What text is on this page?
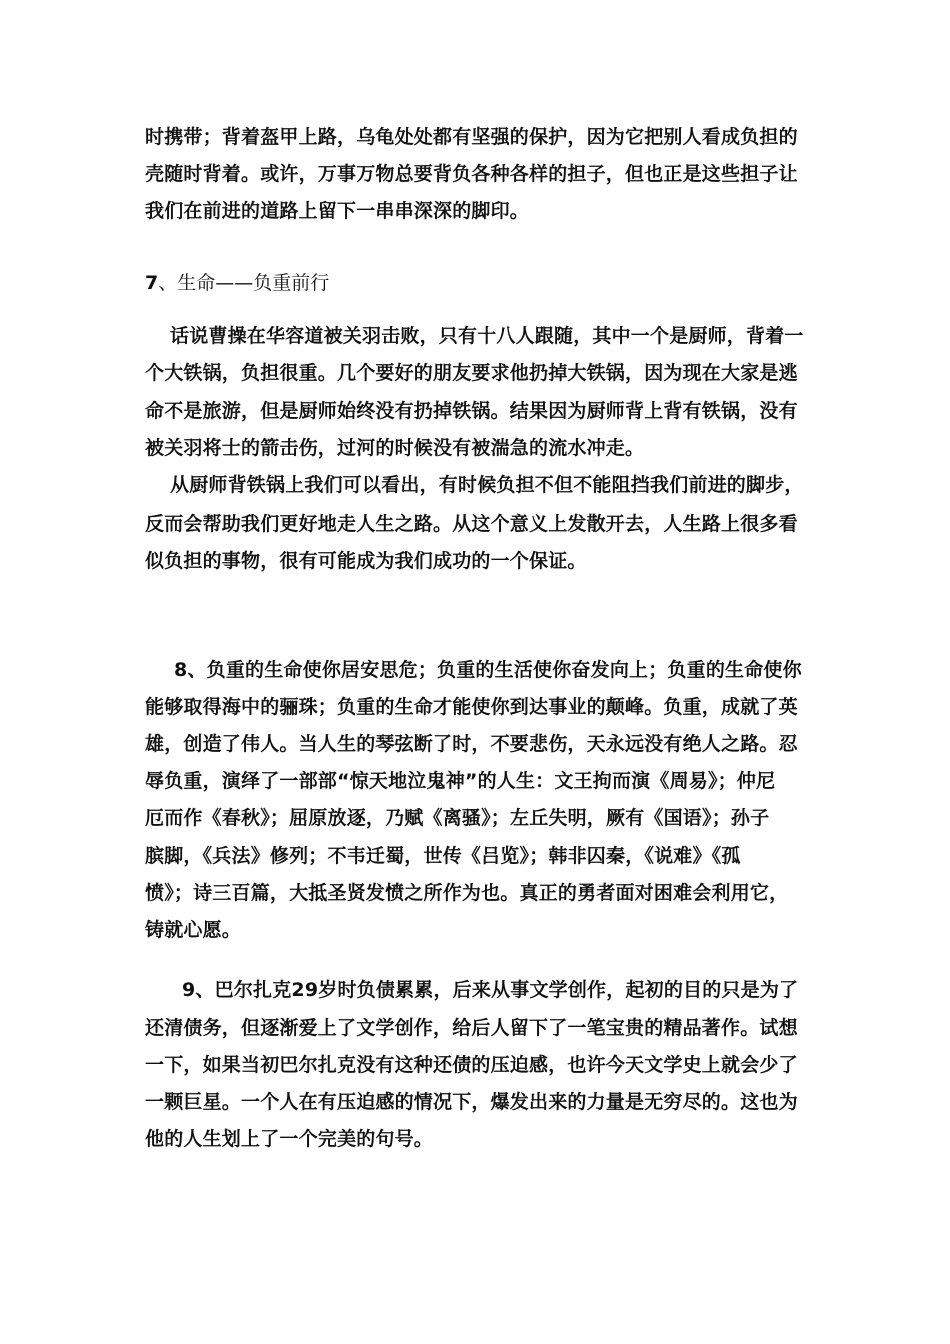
时携带；背着盔甲上路，乌龟处处都有坚强的保护，因为它把别人看成负担的
壳随时背着。或许，万事万物总要背负各种各样的担子，但也正是这些担子让
我们在前进的道路上留下一串串深深的脚印。
7、生命——负重前行
话说曹操在华容道被关羽击败，只有十八人跟随，其中一个是厨师，背着一
个大铁锅，负担很重。几个要好的朋友要求他扔掉大铁锅，因为现在大家是逃
命不是旅游，但是厨师始终没有扔掉铁锅。结果因为厨师背上背有铁锅，没有
被关羽将士的箭击伤，过河的时候没有被湍急的流水冲走。
从厨师背铁锅上我们可以看出，有时候负担不但不能阻挡我们前进的脚步，
反而会帮助我们更好地走人生之路。从这个意义上发散开去，人生路上很多看
似负担的事物，很有可能成为我们成功的一个保证。
8、负重的生命使你居安思危；负重的生活使你奋发向上；负重的生命使你
能够取得海中的骊珠；负重的生命才能使你到达事业的颠峰。负重，成就了英
雄，创造了伟人。当人生的琴弦断了时，不要悲伤，天永远没有绝人之路。忍
辱负重，演绎了一部部“惊天地泣鬼神”的人生：文王拘而演《周易》；仲尼
厄而作《春秋》；屈原放逐，乃赋《离骚》；左丘失明，厥有《国语》；孙子
膑脚，《兵法》修列；不韦迁蜀，世传《吕览》；韩非囚秦，《说难》《孤
愤》；诗三百篇，大抵圣贤发愤之所作为也。真正的勇者面对困难会利用它，
铸就心愿。
9、巴尔扎克29岁时负债累累，后来从事文学创作，起初的目的只是为了
还清债务，但逐渐爱上了文学创作，给后人留下了一笔宝贵的精品著作。试想
一下，如果当初巴尔扎克没有这种还债的压迫感，也许今天文学史上就会少了
一颗巨星。一个人在有压迫感的情况下，爆发出来的力量是无穷尽的。这也为
他的人生划上了一个完美的句号。
